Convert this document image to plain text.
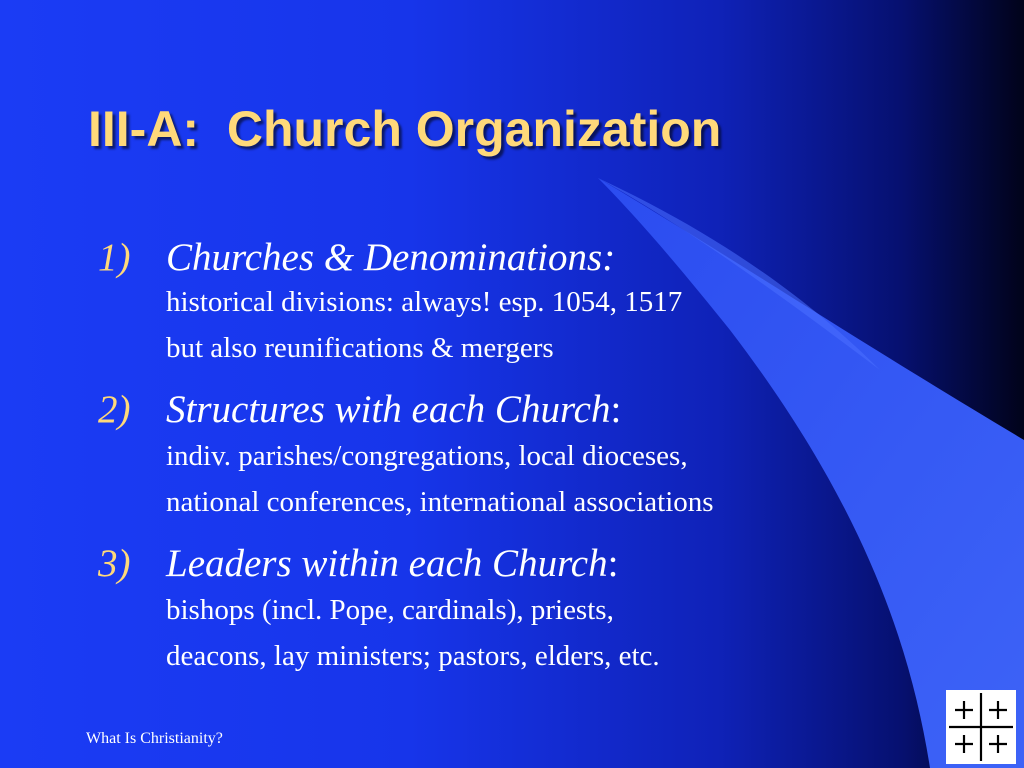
III-A:  Church Organization
1) Churches & Denominations:
historical divisions: always! esp. 1054, 1517
but also reunifications & mergers
2) Structures with each Church:
indiv. parishes/congregations, local dioceses,
national conferences, international associations
3) Leaders within each Church:
bishops (incl. Pope, cardinals), priests,
deacons, lay ministers; pastors, elders, etc.
What Is Christianity?
